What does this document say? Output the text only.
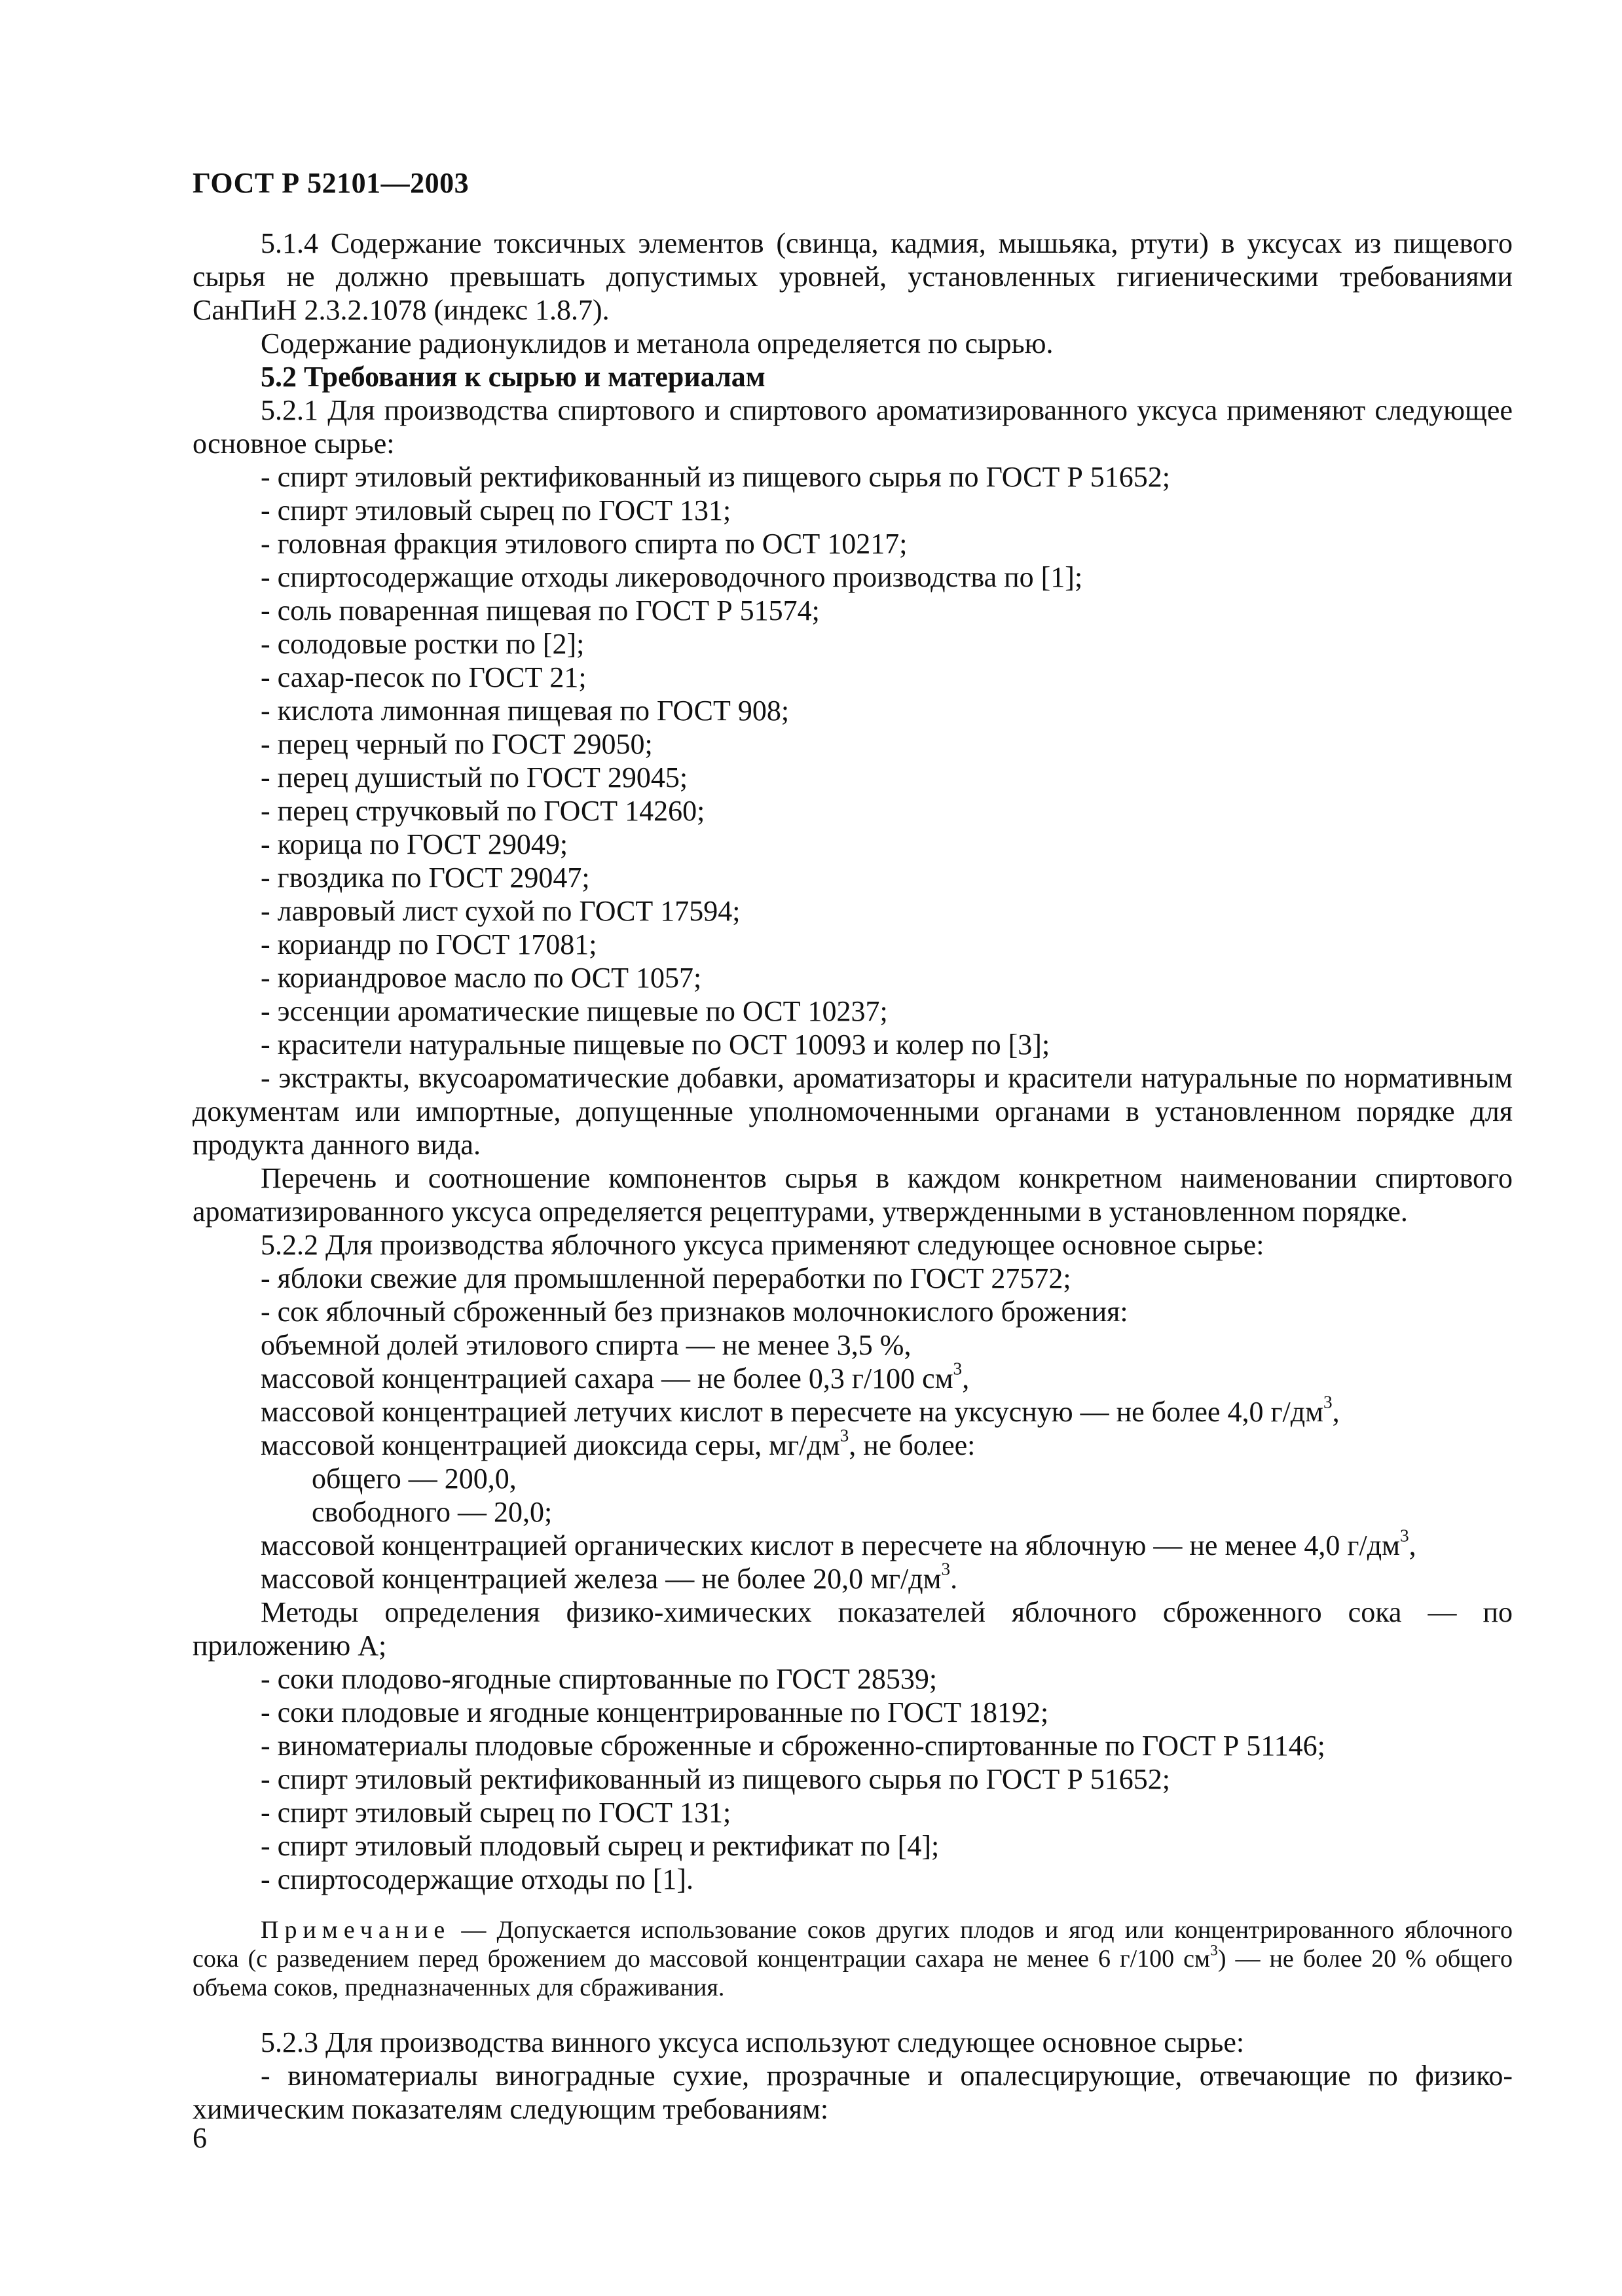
ГОСТ Р 52101—2003

5.1.4 Содержание токсичных элементов (свинца, кадмия, мышьяка, ртути) в уксусах из пищевого сырья не должно превышать допустимых уровней, установленных гигиеническими требованиями СанПиН 2.3.2.1078 (индекс 1.8.7).

Содержание радионуклидов и метанола определяется по сырью.

5.2 Требования к сырью и материалам

5.2.1 Для производства спиртового и спиртового ароматизированного уксуса применяют следующее основное сырье:

- спирт этиловый ректификованный из пищевого сырья по ГОСТ Р 51652;

- спирт этиловый сырец по ГОСТ 131;

- головная фракция этилового спирта по ОСТ 10217;

- спиртосодержащие отходы ликероводочного производства по [1];

- соль поваренная пищевая по ГОСТ Р 51574;

- солодовые ростки по [2];

- сахар-песок по ГОСТ 21;

- кислота лимонная пищевая по ГОСТ 908;

- перец черный по ГОСТ 29050;

- перец душистый по ГОСТ 29045;

- перец стручковый по ГОСТ 14260;

- корица по ГОСТ 29049;

- гвоздика по ГОСТ 29047;

- лавровый лист сухой по ГОСТ 17594;

- кориандр по ГОСТ 17081;

- кориандровое масло по ОСТ 1057;

- эссенции ароматические пищевые по ОСТ 10237;

- красители натуральные пищевые по ОСТ 10093 и колер по [3];

- экстракты, вкусоароматические добавки, ароматизаторы и красители натуральные по нормативным документам или импортные, допущенные уполномоченными органами в установленном порядке для продукта данного вида.

Перечень и соотношение компонентов сырья в каждом конкретном наименовании спиртового ароматизированного уксуса определяется рецептурами, утвержденными в установленном порядке.

5.2.2 Для производства яблочного уксуса применяют следующее основное сырье:

- яблоки свежие для промышленной переработки по ГОСТ 27572;

- сок яблочный сброженный без признаков молочнокислого брожения:

объемной долей этилового спирта — не менее 3,5 %,

массовой концентрацией сахара — не более 0,3 г/100 $см^3$,

массовой концентрацией летучих кислот в пересчете на уксусную — не более 4,0 $г/дм^3$,

массовой концентрацией диоксида серы, $мг/дм^3$, не более:

общего — 200,0,

свободного — 20,0;

массовой концентрацией органических кислот в пересчете на яблочную — не менее 4,0 $г/дм^3$,

массовой концентрацией железа — не более 20,0 $мг/дм^3$.

Методы определения физико-химических показателей яблочного сброженного сока — по приложению А;

- соки плодово-ягодные спиртованные по ГОСТ 28539;

- соки плодовые и ягодные концентрированные по ГОСТ 18192;

- виноматериалы плодовые сброженные и сброженно-спиртованные по ГОСТ Р 51146;

- спирт этиловый ректификованный из пищевого сырья по ГОСТ Р 51652;

- спирт этиловый сырец по ГОСТ 131;

- спирт этиловый плодовый сырец и ректификат по [4];

- спиртосодержащие отходы по [1].

Примечание — Допускается использование соков других плодов и ягод или концентрированного яблочного сока (с разведением перед брожением до массовой концентрации сахара не менее 6 г/100 $см^3$) — не более 20 % общего объема соков, предназначенных для сбраживания.

5.2.3 Для производства винного уксуса используют следующее основное сырье:

- виноматериалы виноградные сухие, прозрачные и опалесцирующие, отвечающие по физико-химическим показателям следующим требованиям:

6
